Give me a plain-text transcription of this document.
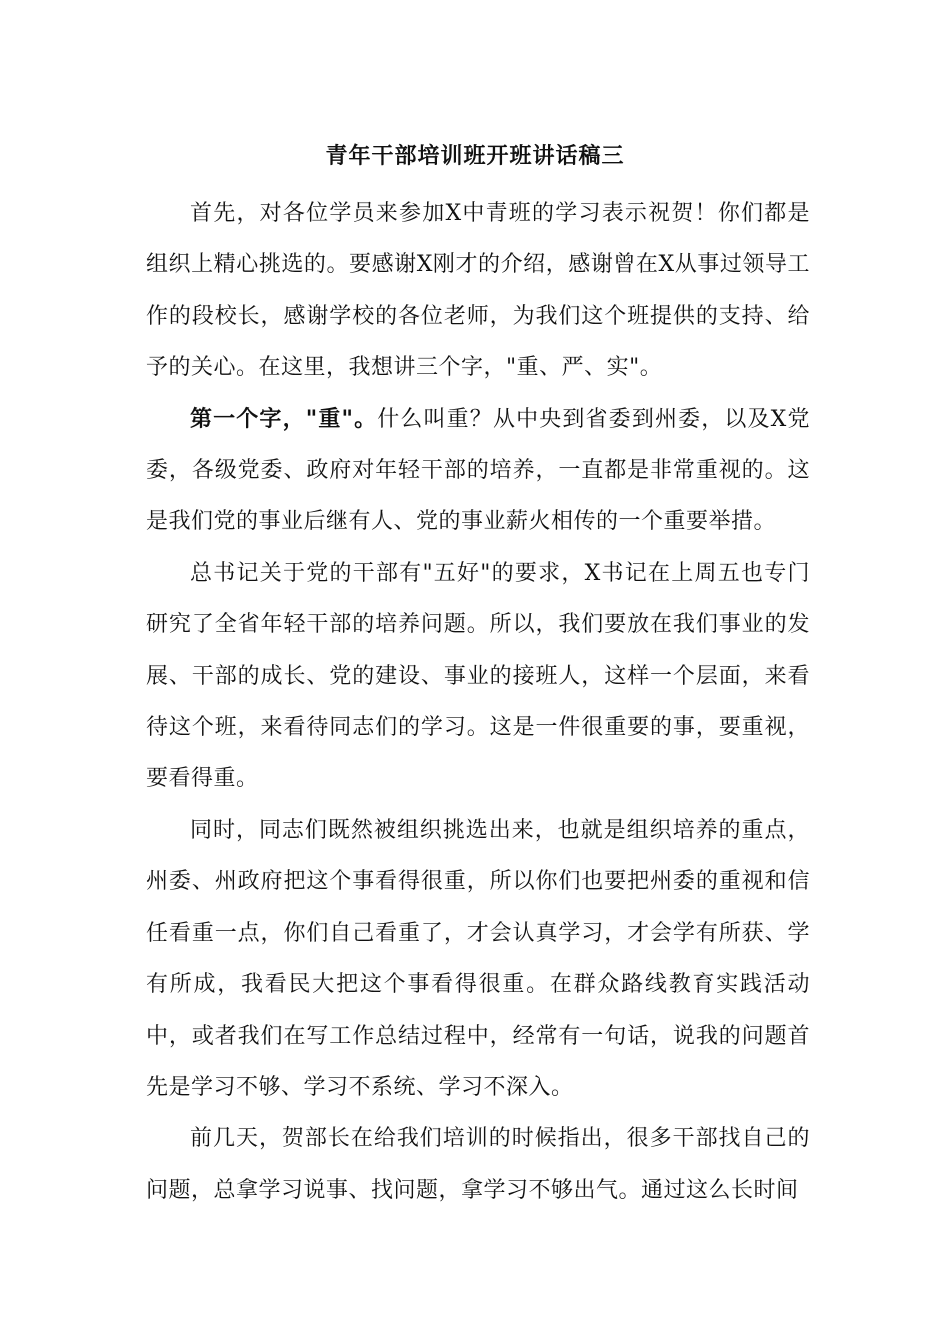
青年干部培训班开班讲话稿三

首先，对各位学员来参加X中青班的学习表示祝贺！你们都是组织上精心挑选的。要感谢X刚才的介绍，感谢曾在X从事过领导工作的段校长，感谢学校的各位老师，为我们这个班提供的支持、给予的关心。在这里，我想讲三个字，"重、严、实"。

第一个字，"重"。什么叫重？从中央到省委到州委，以及X党委，各级党委、政府对年轻干部的培养，一直都是非常重视的。这是我们党的事业后继有人、党的事业薪火相传的一个重要举措。

总书记关于党的干部有"五好"的要求，X书记在上周五也专门研究了全省年轻干部的培养问题。所以，我们要放在我们事业的发展、干部的成长、党的建设、事业的接班人，这样一个层面，来看待这个班，来看待同志们的学习。这是一件很重要的事，要重视，要看得重。

同时，同志们既然被组织挑选出来，也就是组织培养的重点，州委、州政府把这个事看得很重，所以你们也要把州委的重视和信任看重一点，你们自己看重了，才会认真学习，才会学有所获、学有所成，我看民大把这个事看得很重。在群众路线教育实践活动中，或者我们在写工作总结过程中，经常有一句话，说我的问题首先是学习不够、学习不系统、学习不深入。

前几天，贺部长在给我们培训的时候指出，很多干部找自己的问题，总拿学习说事、找问题，拿学习不够出气。通过这么长时间
